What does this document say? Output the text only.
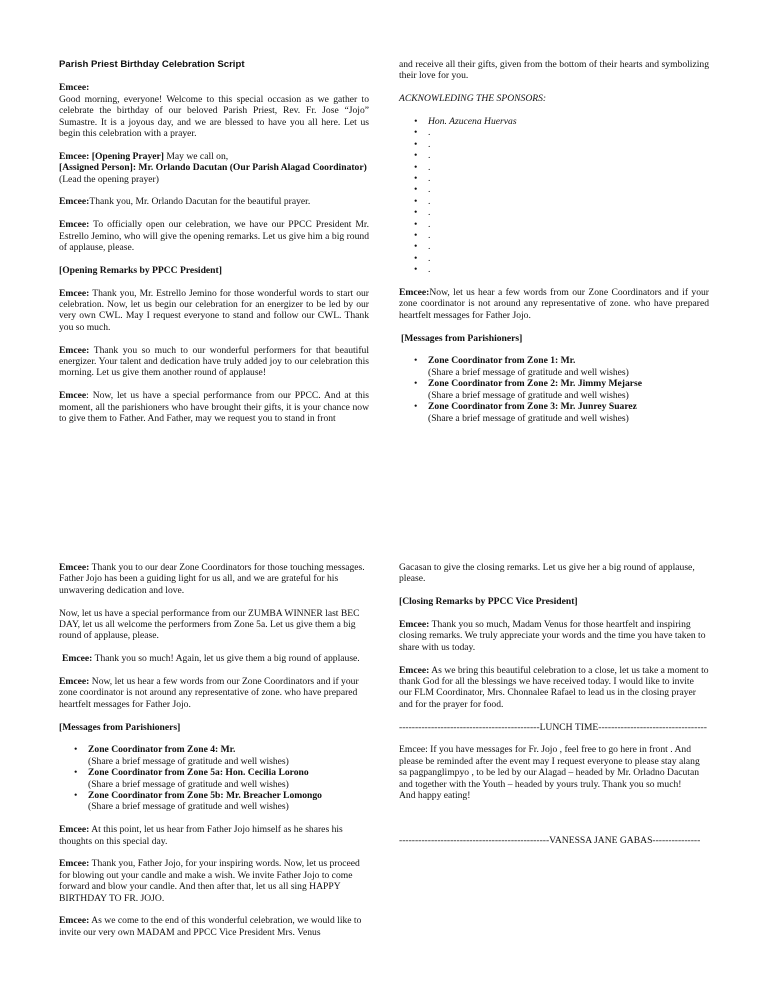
Parish Priest Birthday Celebration Script

Emcee:
Good morning, everyone! Welcome to this special occasion as we gather to celebrate the birthday of our beloved Parish Priest, Rev. Fr. Jose “Jojo” Sumastre. It is a joyous day, and we are blessed to have you all here. Let us begin this celebration with a prayer.

Emcee: [Opening Prayer] May we call on,

[Assigned Person]: Mr. Orlando Dacutan (Our Parish Alagad Coordinator)
(Lead the opening prayer)

Emcee:Thank you, Mr. Orlando Dacutan for the beautiful prayer.

Emcee: To officially open our celebration, we have our PPCC President Mr. Estrello Jemino, who will give the opening remarks. Let us give him a big round of applause, please.

[Opening Remarks by PPCC President]

Emcee: Thank you, Mr. Estrello Jemino for those wonderful words to start our celebration. Now, let us begin our celebration for an energizer to be led by our very own CWL. May I request everyone to stand and follow our CWL. Thank you so much.

Emcee: Thank you so much to our wonderful performers for that beautiful energizer. Your talent and dedication have truly added joy to our celebration this morning. Let us give them another round of applause!

Emcee: Now, let us have a special performance from our PPCC. And at this moment, all the parishioners who have brought their gifts, it is your chance now to give them to Father. And Father, may we request you to stand in front

and receive all their gifts, given from the bottom of their hearts and symbolizing their love for you.

ACKNOWLEDING THE SPONSORS:

• Hon. Azucena Huervas
• .
• .
• .
• .
• .
• .
• .
• .
• .
• .
• .
• .
• .

Emcee:Now, let us hear a few words from our Zone Coordinators and if your zone coordinator is not around any representative of zone. who have prepared heartfelt messages for Father Jojo.

[Messages from Parishioners]

• Zone Coordinator from Zone 1: Mr.
(Share a brief message of gratitude and well wishes)
• Zone Coordinator from Zone 2: Mr. Jimmy Mejarse
(Share a brief message of gratitude and well wishes)
• Zone Coordinator from Zone 3: Mr. Junrey Suarez
(Share a brief message of gratitude and well wishes)

Emcee: Thank you to our dear Zone Coordinators for those touching messages. Father Jojo has been a guiding light for us all, and we are grateful for his unwavering dedication and love.

Now, let us have a special performance from our ZUMBA WINNER last BEC DAY, let us all welcome the performers from Zone 5a. Let us give them a big round of applause, please.

Emcee: Thank you so much! Again, let us give them a big round of applause.

Emcee: Now, let us hear a few words from our Zone Coordinators and if your zone coordinator is not around any representative of zone. who have prepared heartfelt messages for Father Jojo.

[Messages from Parishioners]

• Zone Coordinator from Zone 4: Mr.
(Share a brief message of gratitude and well wishes)
• Zone Coordinator from Zone 5a: Hon. Cecilia Lorono
(Share a brief message of gratitude and well wishes)
• Zone Coordinator from Zone 5b: Mr. Breacher Lomongo
(Share a brief message of gratitude and well wishes)

Emcee: At this point, let us hear from Father Jojo himself as he shares his thoughts on this special day.

Emcee: Thank you, Father Jojo, for your inspiring words. Now, let us proceed for blowing out your candle and make a wish. We invite Father Jojo to come forward and blow your candle. And then after that, let us all sing HAPPY BIRTHDAY TO FR. JOJO.

Emcee: As we come to the end of this wonderful celebration, we would like to invite our very own MADAM and PPCC Vice President Mrs. Venus

Gacasan to give the closing remarks. Let us give her a big round of applause, please.

[Closing Remarks by PPCC Vice President]

Emcee: Thank you so much, Madam Venus for those heartfelt and inspiring closing remarks. We truly appreciate your words and the time you have taken to share with us today.

Emcee: As we bring this beautiful celebration to a close, let us take a moment to thank God for all the blessings we have received today. I would like to invite our FLM Coordinator, Mrs. Chonnalee Rafael to lead us in the closing prayer and for the prayer for food.

--------------------------------------------LUNCH TIME----------------------------------

Emcee: If you have messages for Fr. Jojo , feel free to go here in front . And please be reminded after the event may I request everyone to please stay alang sa pagpanglimpyo , to be led by our Alagad – headed by Mr. Orladno Dacutan and together with the Youth – headed by yours truly. Thank you so much!
And happy eating!

-----------------------------------------------VANESSA JANE GABAS---------------
